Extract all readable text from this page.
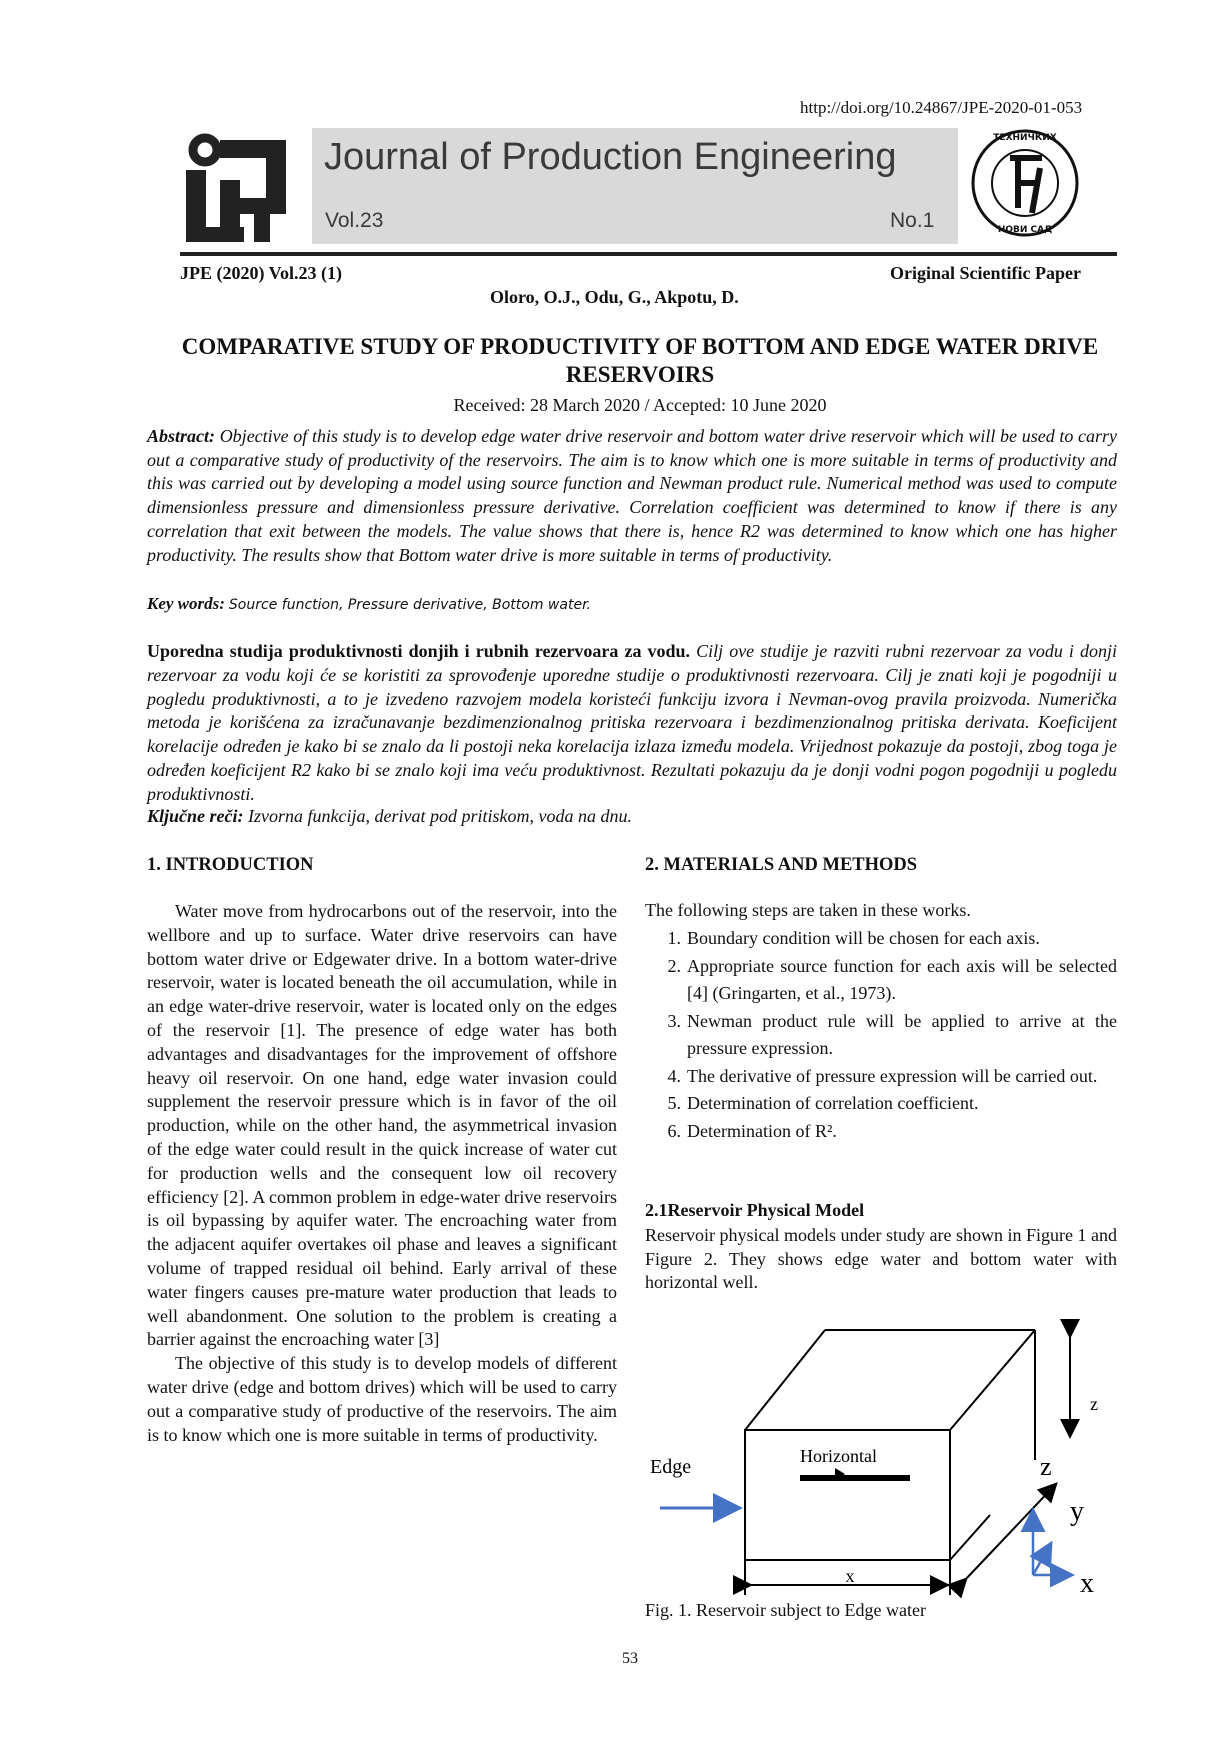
http://doi.org/10.24867/JPE-2020-01-053
Journal of Production Engineering
Vol.23	No.1
ТЕХНИЧКИХ
НОВИ САД
JPE (2020) Vol.23 (1)	Original Scientific Paper
Oloro, O.J., Odu, G., Akpotu, D.
COMPARATIVE STUDY OF PRODUCTIVITY OF BOTTOM AND EDGE WATER DRIVE RESERVOIRS
Received: 28 March 2020 / Accepted: 10 June 2020
Abstract: Objective of this study is to develop edge water drive reservoir and bottom water drive reservoir which will be used to carry out a comparative study of productivity of the reservoirs. The aim is to know which one is more suitable in terms of productivity and this was carried out by developing a model using source function and Newman product rule. Numerical method was used to compute dimensionless pressure and dimensionless pressure derivative. Correlation coefficient was determined to know if there is any correlation that exit between the models. The value shows that there is, hence R2 was determined to know which one has higher productivity. The results show that Bottom water drive is more suitable in terms of productivity.
Key words: Source function, Pressure derivative, Bottom water.
Uporedna studija produktivnosti donjih i rubnih rezervoara za vodu. Cilj ove studije je razviti rubni rezervoar za vodu i donji rezervoar za vodu koji će se koristiti za sprovođenje uporedne studije o produktivnosti rezervoara. Cilj je znati koji je pogodniji u pogledu produktivnosti, a to je izvedeno razvojem modela koristeći funkciju izvora i Nevman-ovog pravila proizvoda. Numerička metoda je korišćena za izračunavanje bezdimenzionalnog pritiska rezervoara i bezdimenzionalnog pritiska derivata. Koeficijent korelacije određen je kako bi se znalo da li postoji neka korelacija izlaza između modela. Vrijednost pokazuje da postoji, zbog toga je određen koeficijent R2 kako bi se znalo koji ima veću produktivnost. Rezultati pokazuju da je donji vodni pogon pogodniji u pogledu produktivnosti.
Ključne reči: Izvorna funkcija, derivat pod pritiskom, voda na dnu.
1. INTRODUCTION

Water move from hydrocarbons out of the reservoir, into the wellbore and up to surface. Water drive reservoirs can have bottom water drive or Edgewater drive. In a bottom water-drive reservoir, water is located beneath the oil accumulation, while in an edge water-drive reservoir, water is located only on the edges of the reservoir [1]. The presence of edge water has both advantages and disadvantages for the improvement of offshore heavy oil reservoir. On one hand, edge water invasion could supplement the reservoir pressure which is in favor of the oil production, while on the other hand, the asymmetrical invasion of the edge water could result in the quick increase of water cut for production wells and the consequent low oil recovery efficiency [2]. A common problem in edge-water drive reservoirs is oil bypassing by aquifer water. The encroaching water from the adjacent aquifer overtakes oil phase and leaves a significant volume of trapped residual oil behind. Early arrival of these water fingers causes pre-mature water production that leads to well abandonment. One solution to the problem is creating a barrier against the encroaching water [3]

The objective of this study is to develop models of different water drive (edge and bottom drives) which will be used to carry out a comparative study of productive of the reservoirs. The aim is to know which one is more suitable in terms of productivity.

2. MATERIALS AND METHODS
The following steps are taken in these works.
1. Boundary condition will be chosen for each axis.
2. Appropriate source function for each axis will be selected [4] (Gringarten, et al., 1973).
3. Newman product rule will be applied to arrive at the pressure expression.
4. The derivative of pressure expression will be carried out.
5. Determination of correlation coefficient.
6. Determination of R².
2.1Reservoir Physical Model
Reservoir physical models under study are shown in Figure 1 and Figure 2. They shows edge water and bottom water with horizontal well.
z
z
x
Horizontal
Edge
y
x
Fig. 1. Reservoir subject to Edge water
53
